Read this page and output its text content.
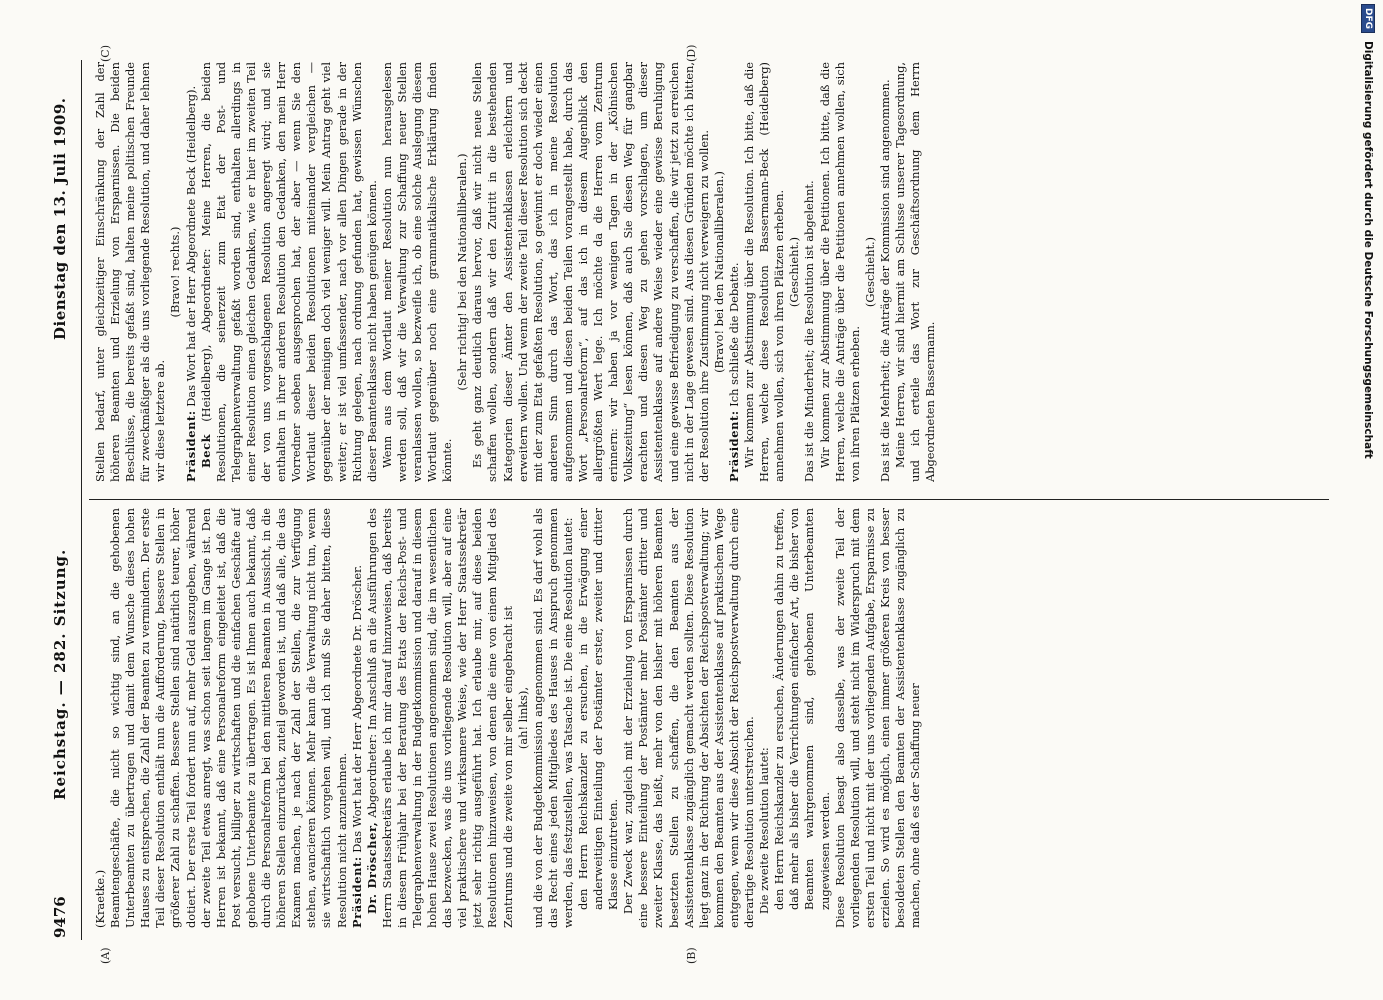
9476
Reichstag. — 282. Sitzung.
Dienstag den 13. Juli 1909.
(A)	(B)
(C)	(D)

(Kraetke.) Beamtengeschäfte, die nicht so wichtig sind, an die gehobenen Unterbeamten zu übertragen und damit dem Wunsche dieses hohen Hauses zu entsprechen, die Zahl der Beamten zu vermindern. Der erste Teil dieser Resolution enthält nun die Aufforderung, bessere Stellen in größerer Zahl zu schaffen. Bessere Stellen sind natürlich teurer, höher dotiert. Der erste Teil fordert nun auf, mehr Geld auszugeben, während der zweite Teil etwas anregt, was schon seit langem im Gange ist. Den Herren ist bekannt, daß eine Personalreform eingeleitet ist, daß die Post versucht, billiger zu wirtschaften und die einfachen Geschäfte auf gehobene Unterbeamte zu übertragen. Es ist Ihnen auch bekannt, daß durch die Personalreform bei den mittleren Beamten in Aussicht, in die höheren Stellen einzurücken, zuteil geworden ist, und daß alle, die das Examen machen, je nach der Zahl der Stellen, die zur Verfügung stehen, avancieren können. Mehr kann die Verwaltung nicht tun, wenn sie wirtschaftlich vorgehen will, und ich muß Sie daher bitten, diese Resolution nicht anzunehmen. Präsident: Das Wort hat der Herr Abgeordnete Dr. Dröscher.

Dr. Dröscher, Abgeordneter: Im Anschluß an die Ausführungen des Herrn Staatssekretärs erlaube ich mir darauf hinzuweisen, daß bereits in diesem Frühjahr bei der Beratung des Etats der Reichs-Post- und Telegraphenverwaltung in der Budgetkommission und darauf in diesem hohen Hause zwei Resolutionen angenommen sind, die im wesentlichen das bezwecken, was die uns vorliegende Resolution will, aber auf eine viel praktischere und wirksamere Weise, wie der Herr Staatssekretär jetzt sehr richtig ausgeführt hat. Ich erlaube mir, auf diese beiden Resolutionen hinzuweisen, von denen die eine von einem Mitglied des Zentrums und die zweite von mir selber eingebracht ist (ah! links), und die von der Budgetkommission angenommen sind. Es darf wohl als das Recht eines jeden Mitgliedes des Hauses in Anspruch genommen werden, das festzustellen, was Tatsache ist. Die eine Resolution lautet: den Herrn Reichskanzler zu ersuchen, in die Erwägung einer anderweitigen Einteilung der Postämter erster, zweiter und dritter Klasse einzutreten. Der Zweck war, zugleich mit der Erzielung von Ersparnissen durch eine bessere Einteilung der Postämter mehr Postämter dritter und zweiter Klasse, das heißt, mehr von den bisher mit höheren Beamten besetzten Stellen zu schaffen, die den Beamten aus der Assistentenklasse zugänglich gemacht werden sollten. Diese Resolution liegt ganz in der Richtung der Absichten der Reichspostverwaltung; wir kommen den Beamten aus der Assistentenklasse auf praktischem Wege entgegen, wenn wir diese Absicht der Reichspostverwaltung durch eine derartige Resolution unterstreichen. Die zweite Resolution lautet: den Herrn Reichskanzler zu ersuchen, Änderungen dahin zu treffen, daß mehr als bisher die Verrichtungen einfacher Art, die bisher von Beamten wahrgenommen sind, gehobenen Unterbeamten zugewiesen werden. Diese Resolution besagt also dasselbe, was der zweite Teil der vorliegenden Resolution will, und steht nicht im Widerspruch mit dem ersten Teil und nicht mit der uns vorliegenden Aufgabe, Ersparnisse zu erzielen. So wird es möglich, einen immer größeren Kreis von besser besoldeten Stellen den Beamten der Assistentenklasse zugänglich zu machen, ohne daß es der Schaffung neuer

Stellen bedarf, unter gleichzeitiger Einschränkung der Zahl der höheren Beamten und Erzielung von Ersparnissen. Die beiden Beschlüsse, die bereits gefaßt sind, halten meine politischen Freunde für zweckmäßiger als die uns vorliegende Resolution, und daher lehnen wir diese letztere ab.

(Bravo! rechts.)

Präsident: Das Wort hat der Herr Abgeordnete Beck (Heidelberg).

Beck (Heidelberg), Abgeordneter: Meine Herren, die beiden Resolutionen, die seinerzeit zum Etat der Post- und Telegraphenverwaltung gefaßt worden sind, enthalten allerdings in einer Resolution einen gleichen Gedanken, wie er hier im zweiten Teil der von uns vorgeschlagenen Resolution angeregt wird; und sie enthalten in ihrer anderen Resolution den Gedanken, den mein Herr Vorredner soeben ausgesprochen hat, der aber — wenn Sie den Wortlaut dieser beiden Resolutionen miteinander vergleichen — gegenüber der meinigen doch viel weniger will. Mein Antrag geht viel weiter; er ist viel umfassender, nach vor allen Dingen gerade in der Richtung gelegen, nach ordnung gefunden hat, gewissen Wünschen dieser Beamtenklasse nicht haben genügen können. Wenn aus dem Wortlaut meiner Resolution nun herausgelesen werden soll, daß wir die Verwaltung zur Schaffung neuer Stellen veranlassen wollen, so bezweifle ich, ob eine solche Auslegung diesem Wortlaut gegenüber noch eine grammatikalische Erklärung finden könnte.

(Sehr richtig! bei den Nationalliberalen.) Es geht ganz deutlich daraus hervor, daß wir nicht neue Stellen schaffen wollen, sondern daß wir den Zutritt in die bestehenden Kategorien dieser Ämter den Assistentenklassen erleichtern und erweitern wollen. Und wenn der zweite Teil dieser Resolution sich deckt mit der zum Etat gefaßten Resolution, so gewinnt er doch wieder einen anderen Sinn durch das Wort, das ich in meine Resolution aufgenommen und diesen beiden Teilen vorangestellt habe, durch das Wort „Personalreform“, auf das ich in diesem Augenblick den allergrößten Wert lege. Ich möchte da die Herren vom Zentrum erinnern: wir haben ja vor wenigen Tagen in der „Kölnischen Volkszeitung“ lesen können, daß auch Sie diesen Weg für gangbar erachten und diesen Weg zu gehen vorschlagen, um dieser Assistentenklasse auf andere Weise wieder eine gewisse Beruhigung und eine gewisse Befriedigung zu verschaffen, die wir jetzt zu erreichen nicht in der Lage gewesen sind. Aus diesen Gründen möchte ich bitten, der Resolution ihre Zustimmung nicht verweigern zu wollen. (Bravo! bei den Nationalliberalen.)

Präsident: Ich schließe die Debatte. Wir kommen zur Abstimmung über die Resolution. Ich bitte, daß die Herren, welche diese Resolution Bassermann-Beck (Heidelberg) annehmen wollen, sich von ihren Plätzen erheben. (Geschieht.) Das ist die Minderheit; die Resolution ist abgelehnt. Wir kommen zur Abstimmung über die Petitionen. Ich bitte, daß die Herren, welche die Anträge über die Petitionen annehmen wollen, sich von ihren Plätzen erheben.

(Geschieht.) Das ist die Mehrheit; die Anträge der Kommission sind angenommen. Meine Herren, wir sind hiermit am Schlusse unserer Tagesordnung, und ich erteile das Wort zur Geschäftsordnung dem Herrn Abgeordneten Bassermann.

DFG
Digitalisierung gefördert durch die Deutsche Forschungsgemeinschaft
